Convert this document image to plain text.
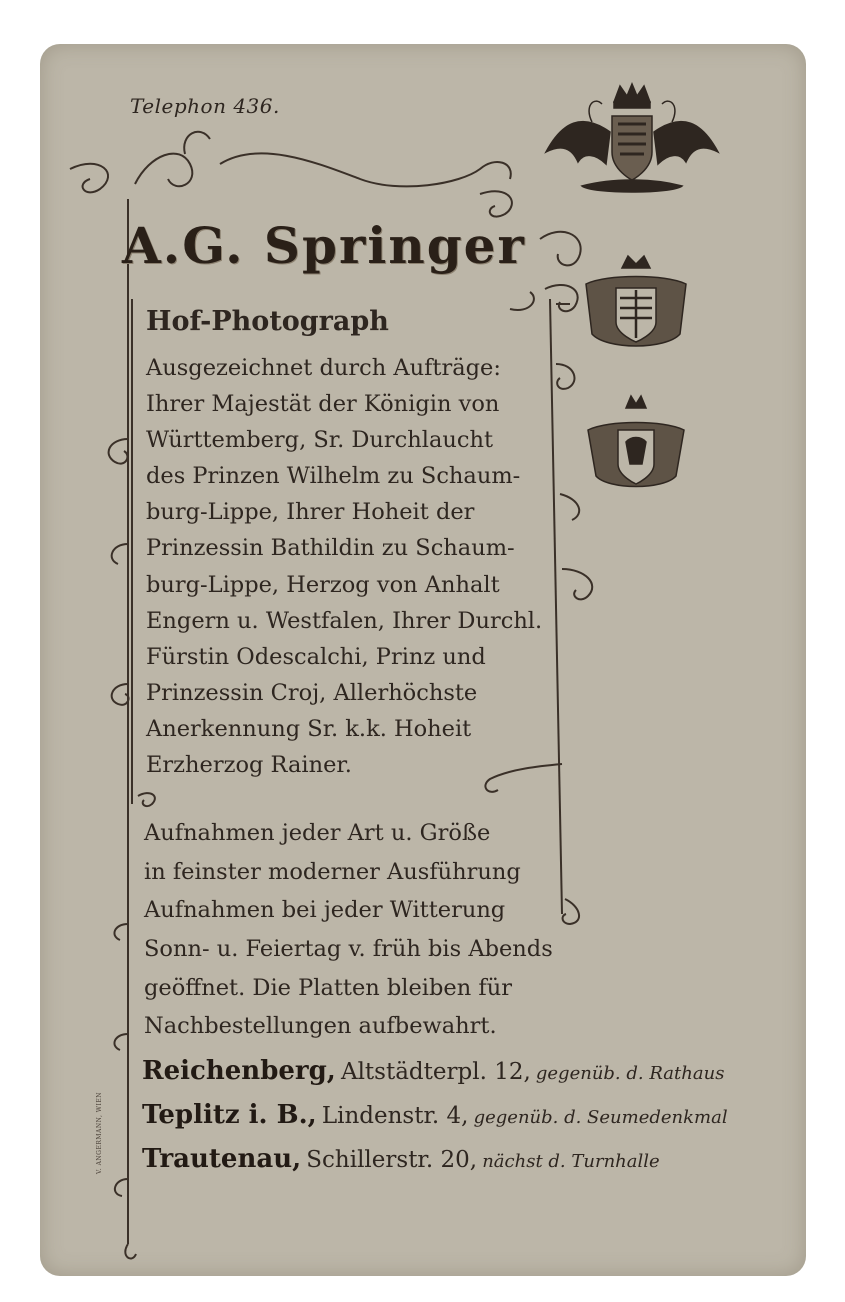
Telephon 436.
A.G. Springer
Hof-Photograph
Ausgezeichnet durch Aufträge:
Ihrer Majestät der Königin von
Württemberg, Sr. Durchlaucht
des Prinzen Wilhelm zu Schaum-
burg-Lippe, Ihrer Hoheit der
Prinzessin Bathildin zu Schaum-
burg-Lippe, Herzog von Anhalt
Engern u. Westfalen, Ihrer Durchl.
Fürstin Odescalchi, Prinz und
Prinzessin Croj, Allerhöchste
Anerkennung Sr. k.k. Hoheit
Erzherzog Rainer.
Aufnahmen jeder Art u. Größe
in feinster moderner Ausführung
Aufnahmen bei jeder Witterung
Sonn- u. Feiertag v. früh bis Abends
geöffnet. Die Platten bleiben für
Nachbestellungen aufbewahrt.
Reichenberg, Altstädterpl. 12, gegenüb. d. Rathaus
Teplitz i. B., Lindenstr. 4, gegenüb. d. Seumedenkmal
Trautenau, Schillerstr. 20, nächst d. Turnhalle
V. ANGERMANN, WIEN
